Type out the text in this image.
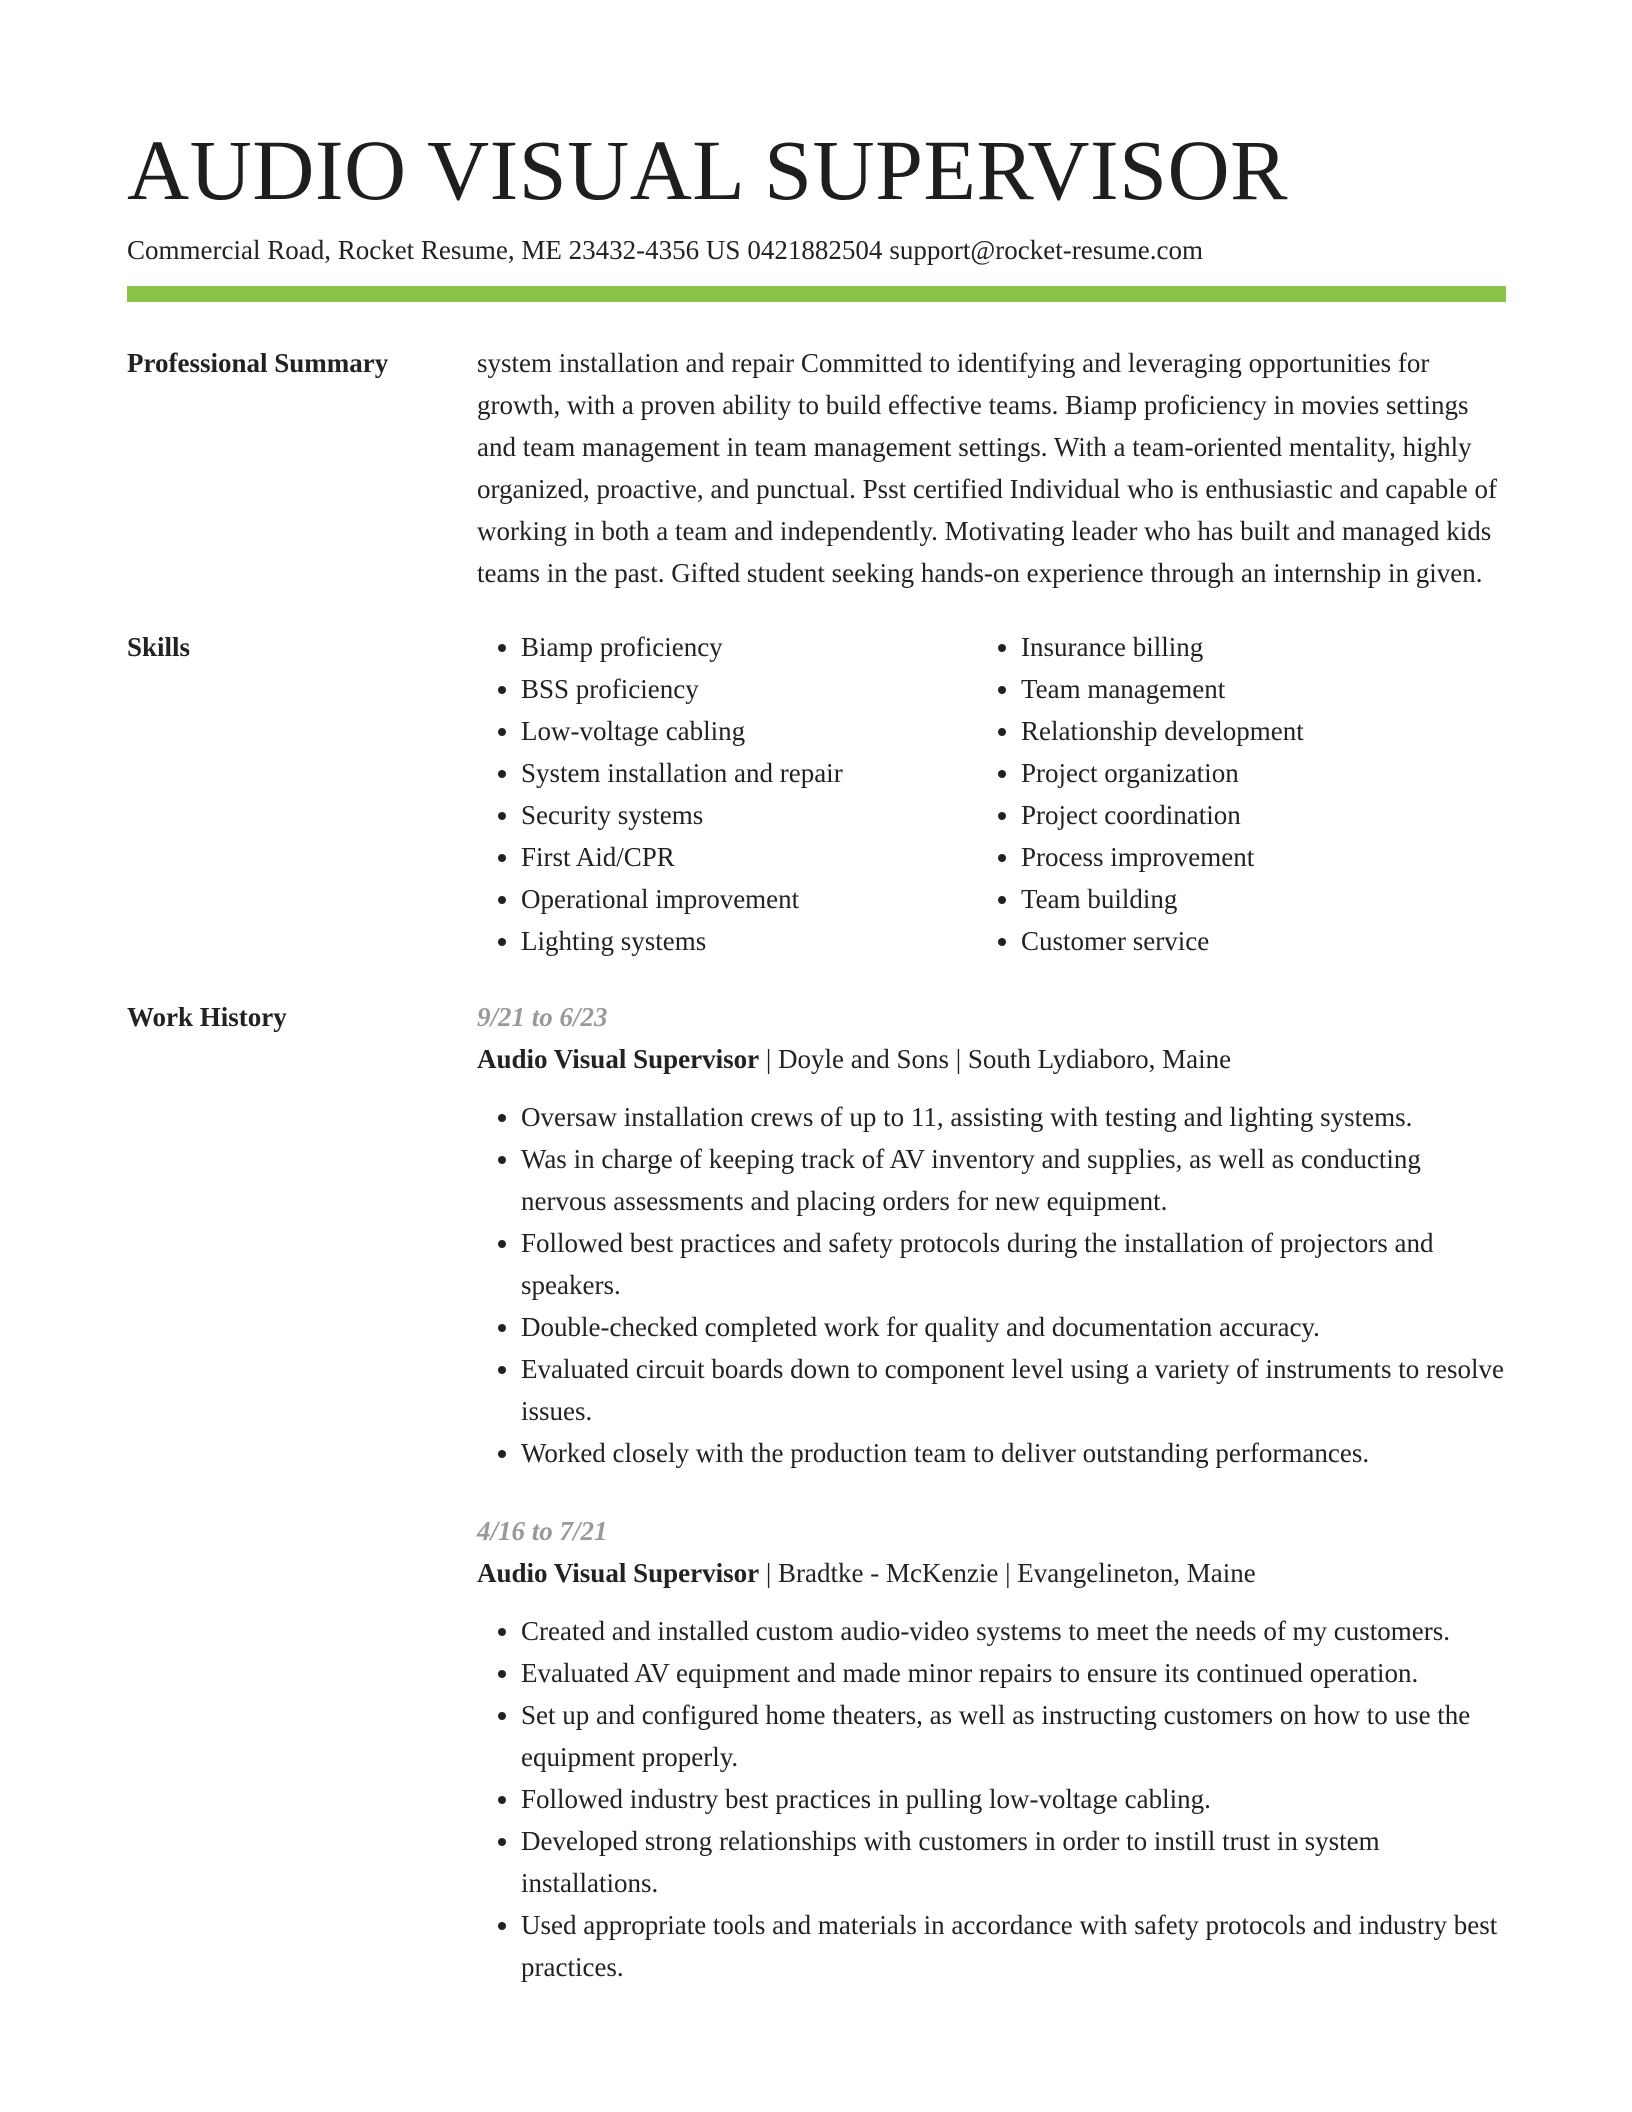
AUDIO VISUAL SUPERVISOR
Commercial Road, Rocket Resume, ME 23432-4356 US 0421882504 support@rocket-resume.com
Professional Summary	system installation and repair Committed to identifying and leveraging opportunities for growth, with a proven ability to build effective teams. Biamp proficiency in movies settings and team management in team management settings. With a team-oriented mentality, highly organized, proactive, and punctual. Psst certified Individual who is enthusiastic and capable of working in both a team and independently. Motivating leader who has built and managed kids teams in the past. Gifted student seeking hands-on experience through an internship in given.

Skills
•	Biamp proficiency
• BSS proficiency
• Low-voltage cabling
• System installation and repair
• Security systems
• First Aid/CPR
• Operational improvement
• Lighting systems
• Insurance billing
• Team management
• Relationship development
• Project organization
• Project coordination
• Process improvement
• Team building
• Customer service
Work History	9/21 to 6/23
Audio Visual Supervisor | Doyle and Sons | South Lydiaboro, Maine
• Oversaw installation crews of up to 11, assisting with testing and lighting systems.
• Was in charge of keeping track of AV inventory and supplies, as well as conducting nervous assessments and placing orders for new equipment.
• Followed best practices and safety protocols during the installation of projectors and speakers.
• Double-checked completed work for quality and documentation accuracy.
• Evaluated circuit boards down to component level using a variety of instruments to resolve issues.
• Worked closely with the production team to deliver outstanding performances.
4/16 to 7/21
Audio Visual Supervisor | Bradtke - McKenzie | Evangelineton, Maine
• Created and installed custom audio-video systems to meet the needs of my customers.
• Evaluated AV equipment and made minor repairs to ensure its continued operation.
• Set up and configured home theaters, as well as instructing customers on how to use the equipment properly.
• Followed industry best practices in pulling low-voltage cabling.
• Developed strong relationships with customers in order to instill trust in system installations.
• Used appropriate tools and materials in accordance with safety protocols and industry best practices.
